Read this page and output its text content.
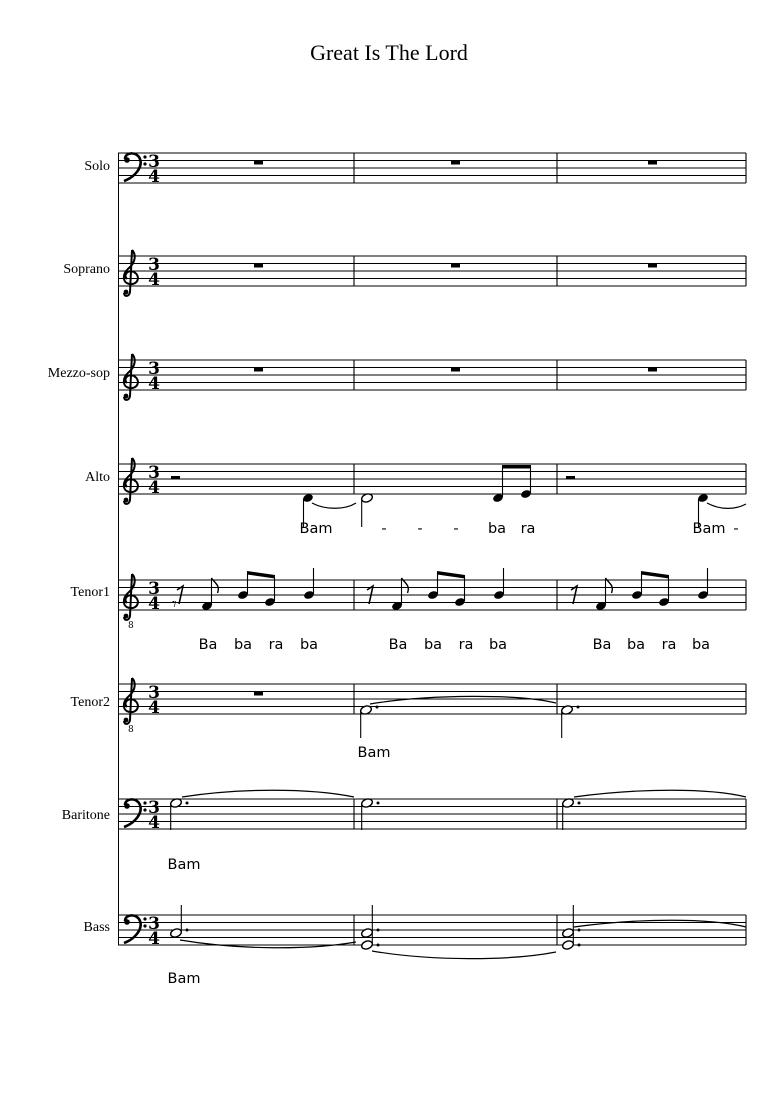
Great Is The Lord
Solo
Soprano
Mezzo-sop
Alto
Tenor1
Tenor2
Baritone
Bass
Bam	- - - ba ra	Bam -
Ba ba ra ba	Ba ba ra ba	Ba ba ra ba
Bam
Bam
Bam
8
8
3
4
3
4
3
4
3
4
3
4
3
4
3
4
3
4
𝄾
